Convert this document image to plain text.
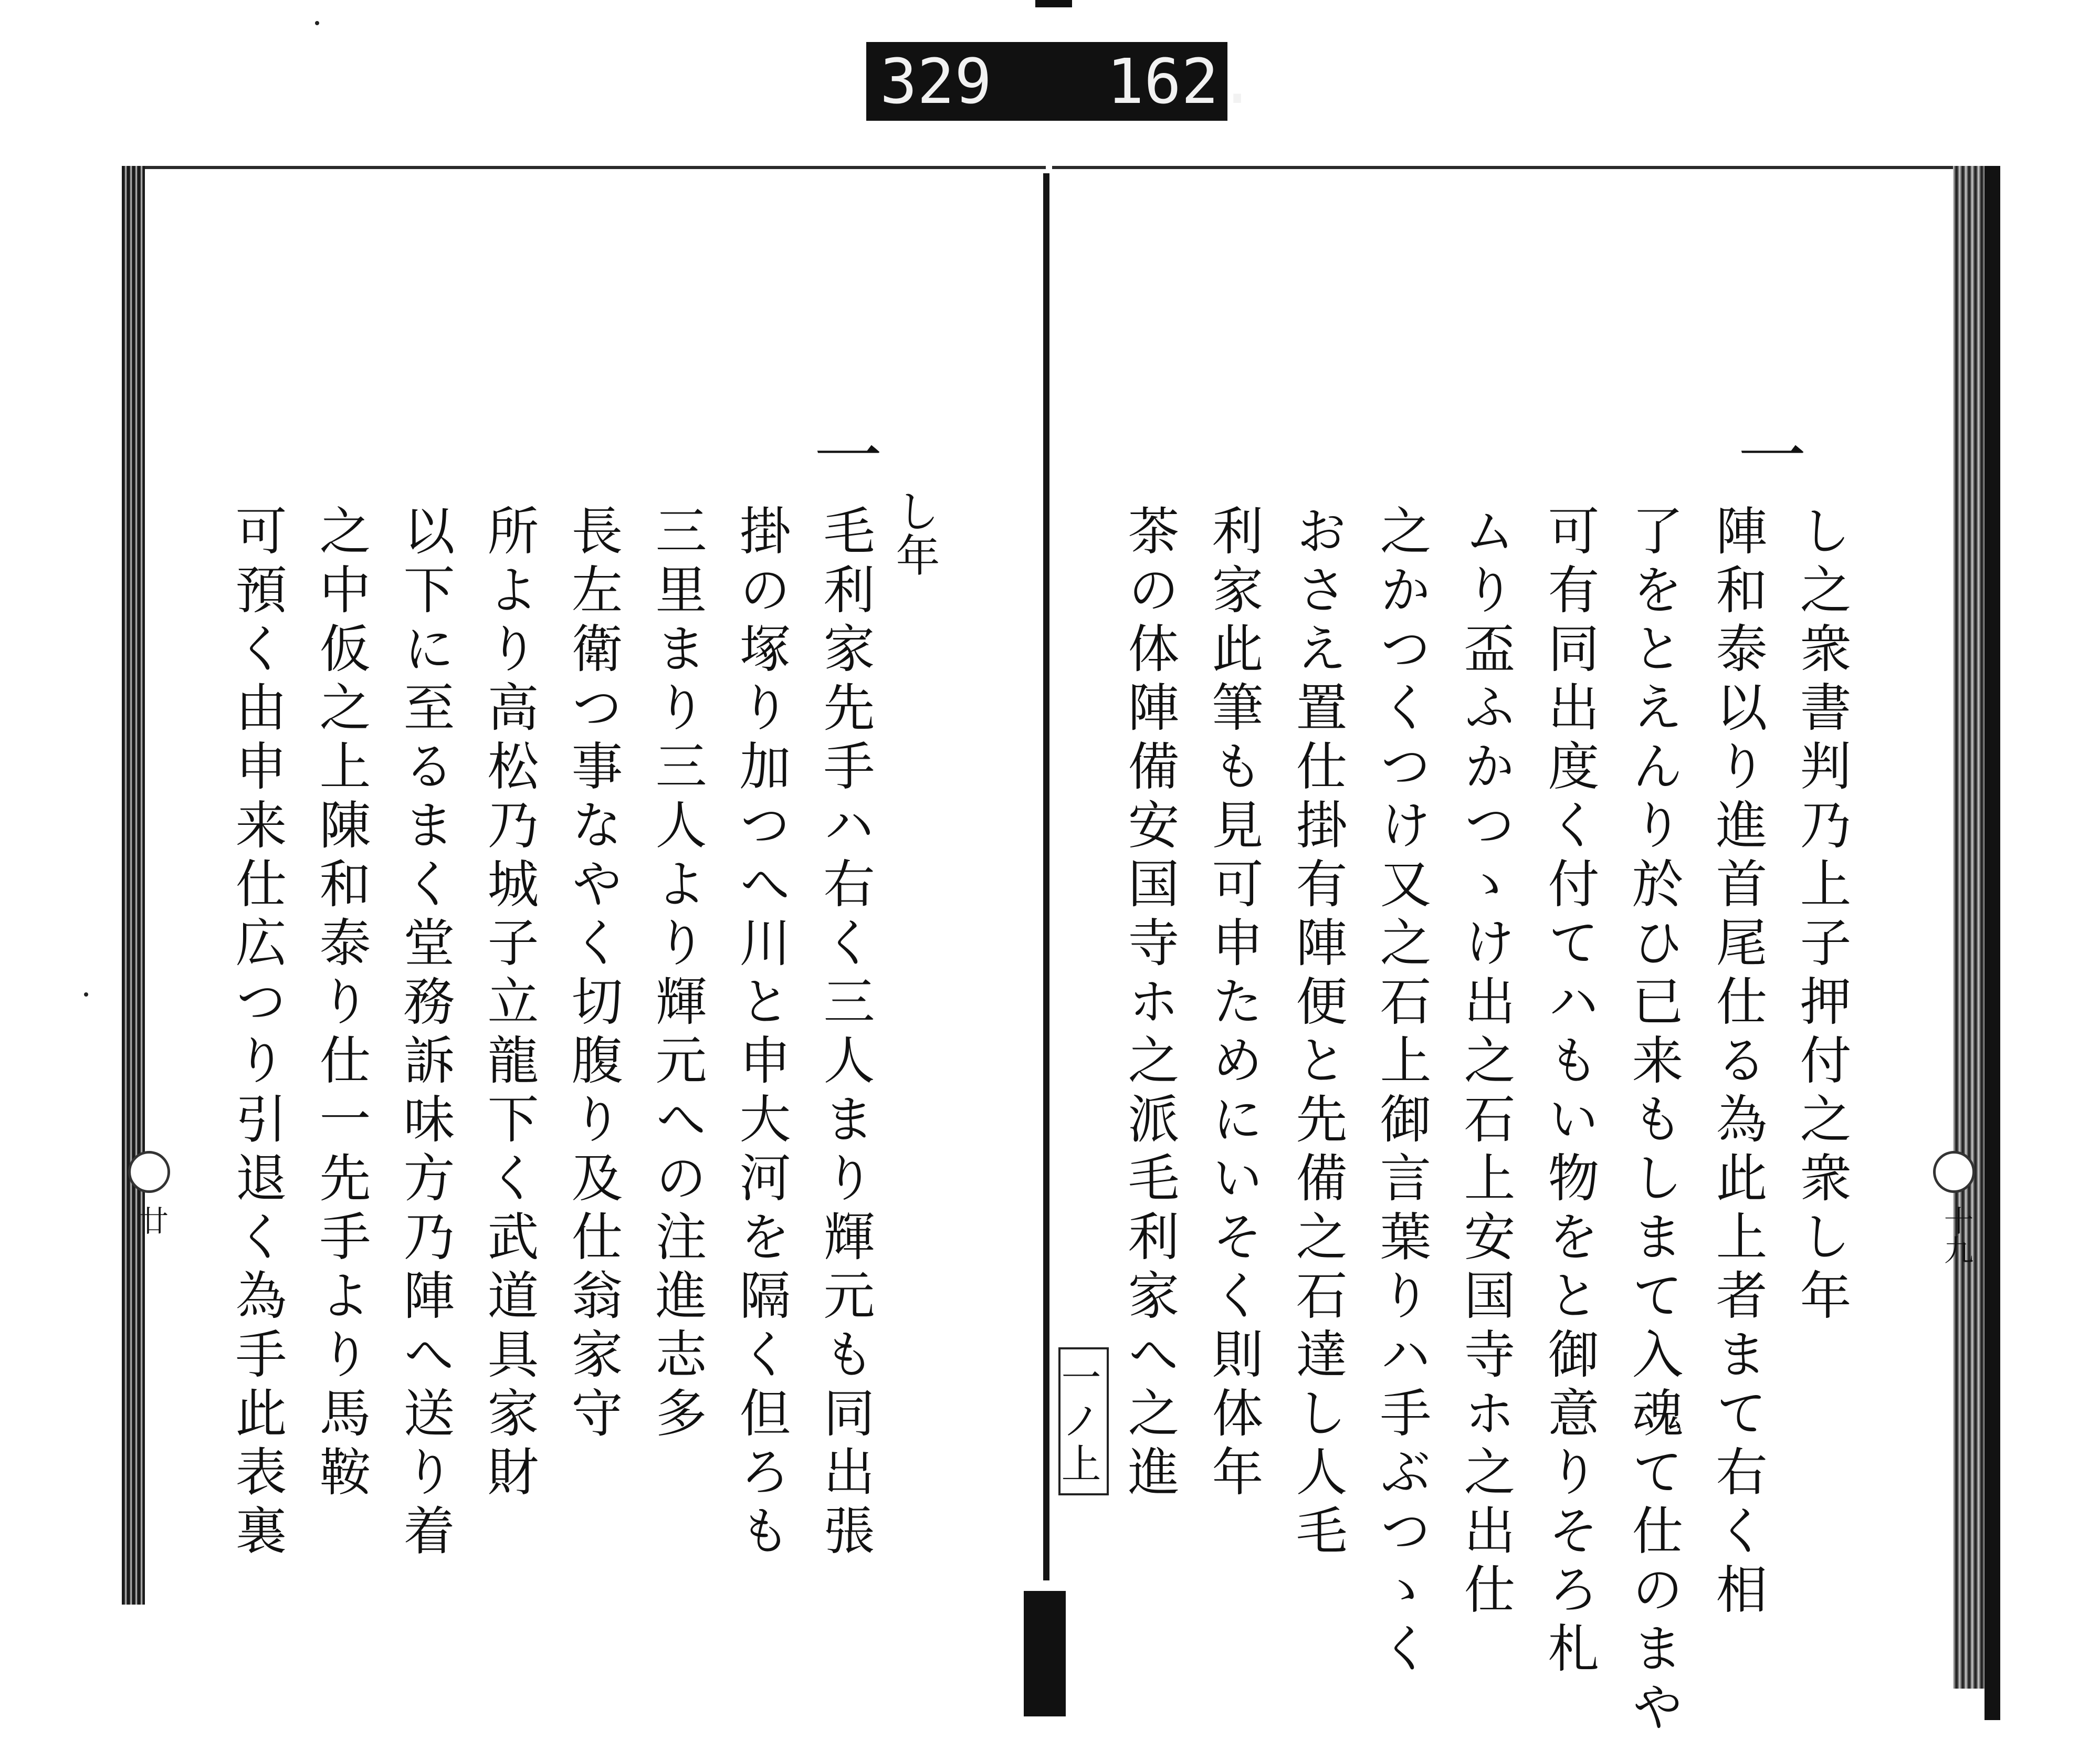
329 162.
廿	十九
一
し之衆書判乃上子押付之衆し年
陣和泰以り進首尾仕る為此上者まて右く相
了をとえんり於ひ已来もしまて入魂て仕のまや
可有同出度く付てハもい物をと御意りそろ札
ムり盃ふかつゝけ出之石上安国寺ホ之出仕
之かつくつけ又之石上御言葉りハ手ぶつゝく
おさえ置仕掛有陣便と先備之石達し人毛
利家此筆も見可申ためにいそく則体年
茶の体陣備安国寺ホ之派毛利家へ之進
一ノ上
し年
一
毛利家先手ハ右く三人まり輝元も同出張
掛の塚り加つへ川と申大河を隔く但ろも
三里まり三人より輝元への注進志多
長左衛つ事なやく切腹り及仕翁家守
所より高松乃城子立龍下く武道具家財
以下に至るまく堂務訴味方乃陣へ送り着
之中仮之上陳和泰り仕一先手より馬鞍
可預く由申来仕広つり引退く為手此表裏
